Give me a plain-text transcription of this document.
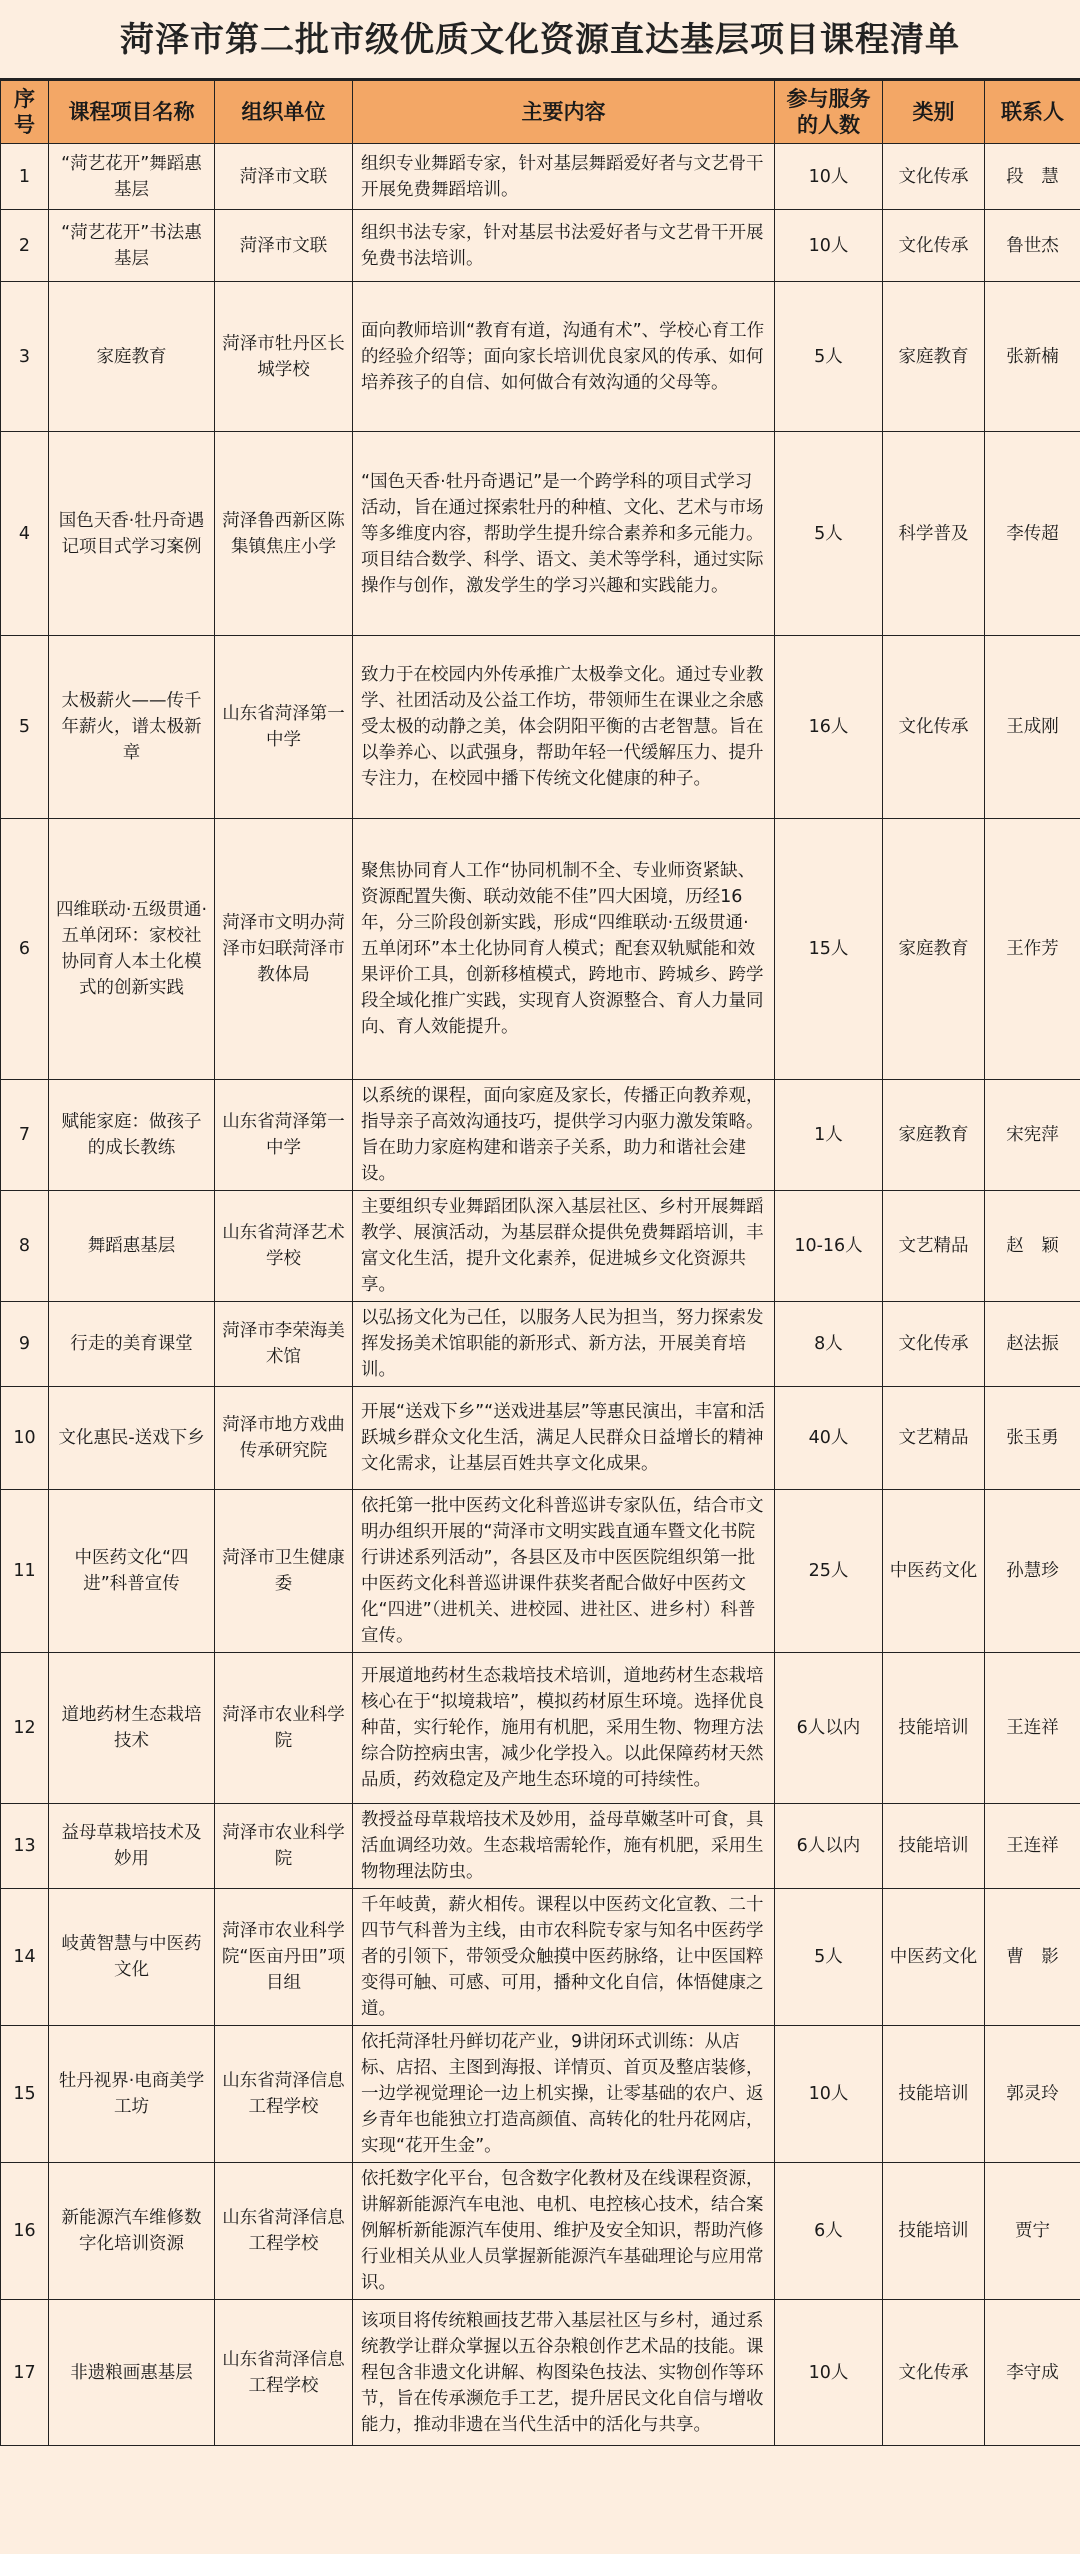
菏泽市第二批市级优质文化资源直达基层项目课程清单
序号	课程项目名称	组织单位	主要内容	参与服务的人数	类别	联系人
1	“菏艺花开”舞蹈惠基层	菏泽市文联	组织专业舞蹈专家，针对基层舞蹈爱好者与文艺骨干开展免费舞蹈培训。	10人	文化传承	段　慧
2	“菏艺花开”书法惠基层	菏泽市文联	组织书法专家，针对基层书法爱好者与文艺骨干开展免费书法培训。	10人	文化传承	鲁世杰
3	家庭教育	菏泽市牡丹区长城学校	面向教师培训“教育有道，沟通有术”、学校心育工作的经验介绍等；面向家长培训优良家风的传承、如何培养孩子的自信、如何做合有效沟通的父母等。	5人	家庭教育	张新楠
4	国色天香·牡丹奇遇记项目式学习案例	菏泽鲁西新区陈集镇焦庄小学	“国色天香·牡丹奇遇记”是一个跨学科的项目式学习活动，旨在通过探索牡丹的种植、文化、艺术与市场等多维度内容，帮助学生提升综合素养和多元能力。项目结合数学、科学、语文、美术等学科，通过实际操作与创作，激发学生的学习兴趣和实践能力。	5人	科学普及	李传超
5	太极薪火——传千年薪火，谱太极新章	山东省菏泽第一中学	致力于在校园内外传承推广太极拳文化。通过专业教学、社团活动及公益工作坊，带领师生在课业之余感受太极的动静之美，体会阴阳平衡的古老智慧。旨在以拳养心、以武强身，帮助年轻一代缓解压力、提升专注力，在校园中播下传统文化健康的种子。	16人	文化传承	王成刚
6	四维联动·五级贯通·五单闭环：家校社协同育人本土化模式的创新实践	菏泽市文明办菏泽市妇联菏泽市教体局	聚焦协同育人工作“协同机制不全、专业师资紧缺、资源配置失衡、联动效能不佳”四大困境，历经16年，分三阶段创新实践，形成“四维联动·五级贯通·五单闭环”本土化协同育人模式；配套双轨赋能和效果评价工具，创新移植模式，跨地市、跨城乡、跨学段全域化推广实践，实现育人资源整合、育人力量同向、育人效能提升。	15人	家庭教育	王作芳
7	赋能家庭：做孩子的成长教练	山东省菏泽第一中学	以系统的课程，面向家庭及家长，传播正向教养观，指导亲子高效沟通技巧，提供学习内驱力激发策略。旨在助力家庭构建和谐亲子关系，助力和谐社会建设。	1人	家庭教育	宋宪萍
8	舞蹈惠基层	山东省菏泽艺术学校	主要组织专业舞蹈团队深入基层社区、乡村开展舞蹈教学、展演活动，为基层群众提供免费舞蹈培训，丰富文化生活，提升文化素养，促进城乡文化资源共享。	10-16人	文艺精品	赵　颖
9	行走的美育课堂	菏泽市李荣海美术馆	以弘扬文化为己任，以服务人民为担当，努力探索发挥发扬美术馆职能的新形式、新方法，开展美育培训。	8人	文化传承	赵法振
10	文化惠民-送戏下乡	菏泽市地方戏曲传承研究院	开展“送戏下乡”“送戏进基层”等惠民演出，丰富和活跃城乡群众文化生活，满足人民群众日益增长的精神文化需求，让基层百姓共享文化成果。	40人	文艺精品	张玉勇
11	中医药文化“四进”科普宣传	菏泽市卫生健康委	依托第一批中医药文化科普巡讲专家队伍，结合市文明办组织开展的“菏泽市文明实践直通车暨文化书院行讲述系列活动”，各县区及市中医医院组织第一批中医药文化科普巡讲课件获奖者配合做好中医药文化“四进”（进机关、进校园、进社区、进乡村）科普宣传。	25人	中医药文化	孙慧珍
12	道地药材生态栽培技术	菏泽市农业科学院	开展道地药材生态栽培技术培训，道地药材生态栽培核心在于“拟境栽培”，模拟药材原生环境。选择优良种苗，实行轮作，施用有机肥，采用生物、物理方法综合防控病虫害，减少化学投入。以此保障药材天然品质，药效稳定及产地生态环境的可持续性。	6人以内	技能培训	王连祥
13	益母草栽培技术及妙用	菏泽市农业科学院	教授益母草栽培技术及妙用，益母草嫩茎叶可食，具活血调经功效。生态栽培需轮作，施有机肥，采用生物物理法防虫。	6人以内	技能培训	王连祥
14	岐黄智慧与中医药文化	菏泽市农业科学院“医亩丹田”项目组	千年岐黄，薪火相传。课程以中医药文化宣教、二十四节气科普为主线，由市农科院专家与知名中医药学者的引领下，带领受众触摸中医药脉络，让中医国粹变得可触、可感、可用，播种文化自信，体悟健康之道。	5人	中医药文化	曹　影
15	牡丹视界·电商美学工坊	山东省菏泽信息工程学校	依托菏泽牡丹鲜切花产业，9讲闭环式训练：从店标、店招、主图到海报、详情页、首页及整店装修，一边学视觉理论一边上机实操，让零基础的农户、返乡青年也能独立打造高颜值、高转化的牡丹花网店，实现“花开生金”。	10人	技能培训	郭灵玲
16	新能源汽车维修数字化培训资源	山东省菏泽信息工程学校	依托数字化平台，包含数字化教材及在线课程资源，讲解新能源汽车电池、电机、电控核心技术，结合案例解析新能源汽车使用、维护及安全知识，帮助汽修行业相关从业人员掌握新能源汽车基础理论与应用常识。	6人	技能培训	贾宁
17	非遗粮画惠基层	山东省菏泽信息工程学校	该项目将传统粮画技艺带入基层社区与乡村，通过系统教学让群众掌握以五谷杂粮创作艺术品的技能。课程包含非遗文化讲解、构图染色技法、实物创作等环节，旨在传承濒危手工艺，提升居民文化自信与增收能力，推动非遗在当代生活中的活化与共享。	10人	文化传承	李守成
